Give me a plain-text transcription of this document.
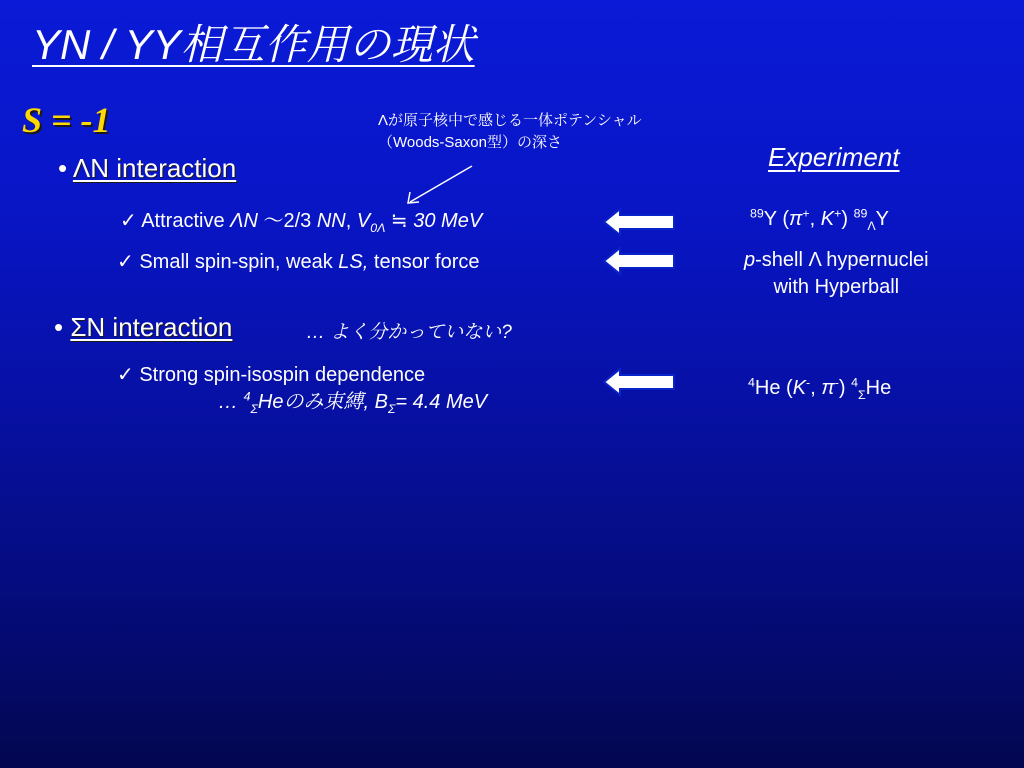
YN / YY相互作用の現状
S = -1	Λが原子核中で感じる一体ポテンシャル
（Woods-Saxon型）の深さ
• ΛN interaction
✓ Attractive ΛN ～2/3 NN, $V_{0\Lambda}$ ≒ 30 MeV
✓ Small spin-spin, weak LS, tensor force
• ΣN interaction	… よく分かっていない?
✓ Strong spin-isospin dependence
… $^4_\Sigma$Heのみ束縛, $B_\Sigma= 4.4$ MeV
Experiment
$^{89}$Y (π+, K+) $^{89}_\Lambda$Y
p-shell Λ hypernuclei
with Hyperball
$^4$He (K-, π-) $^4_\Sigma$He
